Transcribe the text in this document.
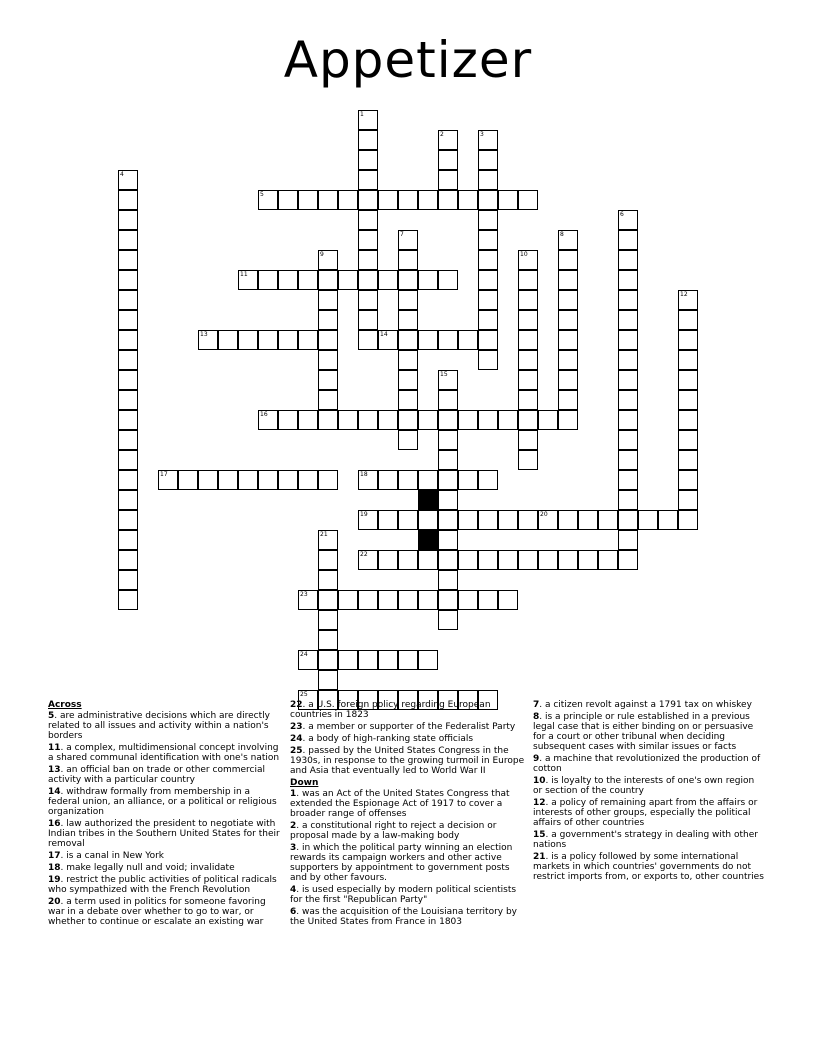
Appetizer
5
11
13	14
16
17	18
19	20
22
23
24
25
1
2	3
4
6
7	8
9	10
12
15
21
Across
5. are administrative decisions which are directly related to all issues and activity within a nation's borders
11. a complex, multidimensional concept involving a shared communal identification with one's nation
13. an official ban on trade or other commercial activity with a particular country
14. withdraw formally from membership in a federal union, an alliance, or a political or religious organization
16. law authorized the president to negotiate with Indian tribes in the Southern United States for their removal
17. is a canal in New York
18. make legally null and void; invalidate
19. restrict the public activities of political radicals who sympathized with the French Revolution
20. a term used in politics for someone favoring war in a debate over whether to go to war, or whether to continue or escalate an existing war
22. a U.S. foreign policy regarding European countries in 1823
23. a member or supporter of the Federalist Party
24. a body of high-ranking state officials
25. passed by the United States Congress in the 1930s, in response to the growing turmoil in Europe and Asia that eventually led to World War II
Down
1. was an Act of the United States Congress that extended the Espionage Act of 1917 to cover a broader range of offenses
2. a constitutional right to reject a decision or proposal made by a law-making body
3. in which the political party winning an election rewards its campaign workers and other active supporters by appointment to government posts and by other favours.
4. is used especially by modern political scientists for the first "Republican Party"
6. was the acquisition of the Louisiana territory by the United States from France in 1803
7. a citizen revolt against a 1791 tax on whiskey
8. is a principle or rule established in a previous legal case that is either binding on or persuasive for a court or other tribunal when deciding subsequent cases with similar issues or facts
9. a machine that revolutionized the production of cotton
10. is loyalty to the interests of one's own region or section of the country
12. a policy of remaining apart from the affairs or interests of other groups, especially the political affairs of other countries
15. a government's strategy in dealing with other nations
21. is a policy followed by some international markets in which countries' governments do not restrict imports from, or exports to, other countries
